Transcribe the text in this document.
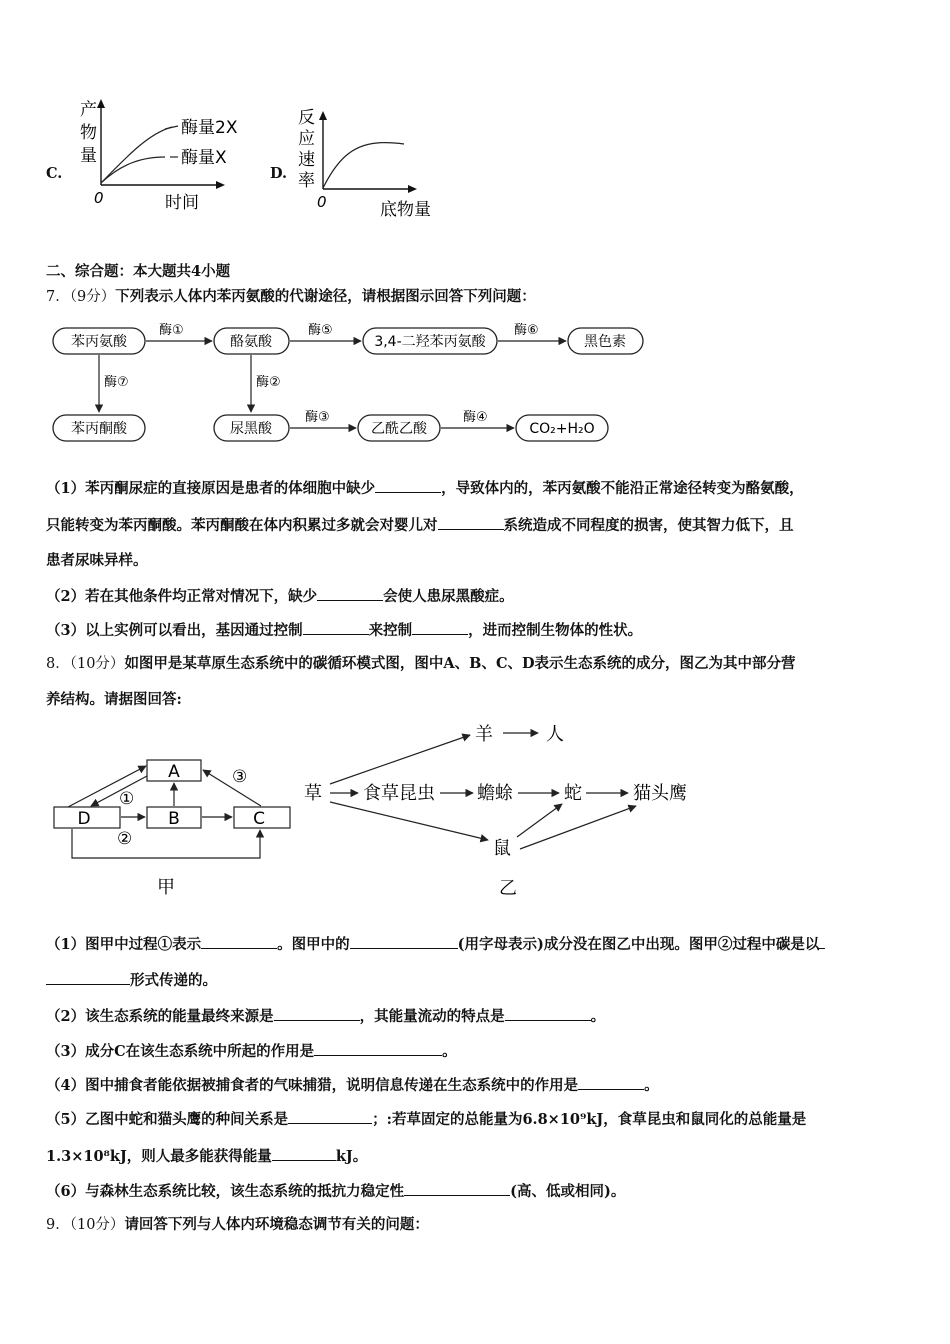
C.
产
物
量
酶量2X
酶量X
0	时间
D.
反
应
速
率
0	底物量
二、综合题：本大题共4小题
7．（9分）下列表示人体内苯丙氨酸的代谢途径，请根据图示回答下列问题：
苯丙氨酸	酪氨酸	3,4-二羟苯丙氨酸	黑色素
酶①	酶⑤	酶⑥
酶⑦	酶②
苯丙酮酸	尿黑酸	乙酰乙酸	CO₂+H₂O
酶③	酶④
（1）苯丙酮尿症的直接原因是患者的体细胞中缺少	，导致体内的，苯丙氨酸不能沿正常途径转变为酪氨酸，
只能转变为苯丙酮酸。苯丙酮酸在体内积累过多就会对婴儿对	系统造成不同程度的损害，使其智力低下，且
患者尿味异样。
（2）若在其他条件均正常对情况下，缺少	会使人患尿黑酸症。
（3）以上实例可以看出，基因通过控制	来控制	，进而控制生物体的性状。
8．（10分）如图甲是某草原生态系统中的碳循环模式图，图中A、B、C、D表示生态系统的成分，图乙为其中部分营
养结构。请据图回答:
A
D	B	C
①
③
②
甲
羊	人
草 食草昆虫 蟾蜍	蛇	猫头鹰
鼠
乙
（1）图甲中过程①表示	。图甲中的	(用字母表示)成分没在图乙中出现。图甲②过程中碳是以
形式传递的。
（2）该生态系统的能量最终来源是	，其能量流动的特点是	。
（3）成分C在该生态系统中所起的作用是	。
（4）图中捕食者能依据被捕食者的气味捕猎，说明信息传递在生态系统中的作用是	。
（5）乙图中蛇和猫头鹰的种间关系是	；:若草固定的总能量为6.8×10⁹kJ，食草昆虫和鼠同化的总能量是
1.3×10⁸kJ，则人最多能获得能量	kJ。
（6）与森林生态系统比较，该生态系统的抵抗力稳定性	(高、低或相同)。
9．（10分）请回答下列与人体内环境稳态调节有关的问题：
